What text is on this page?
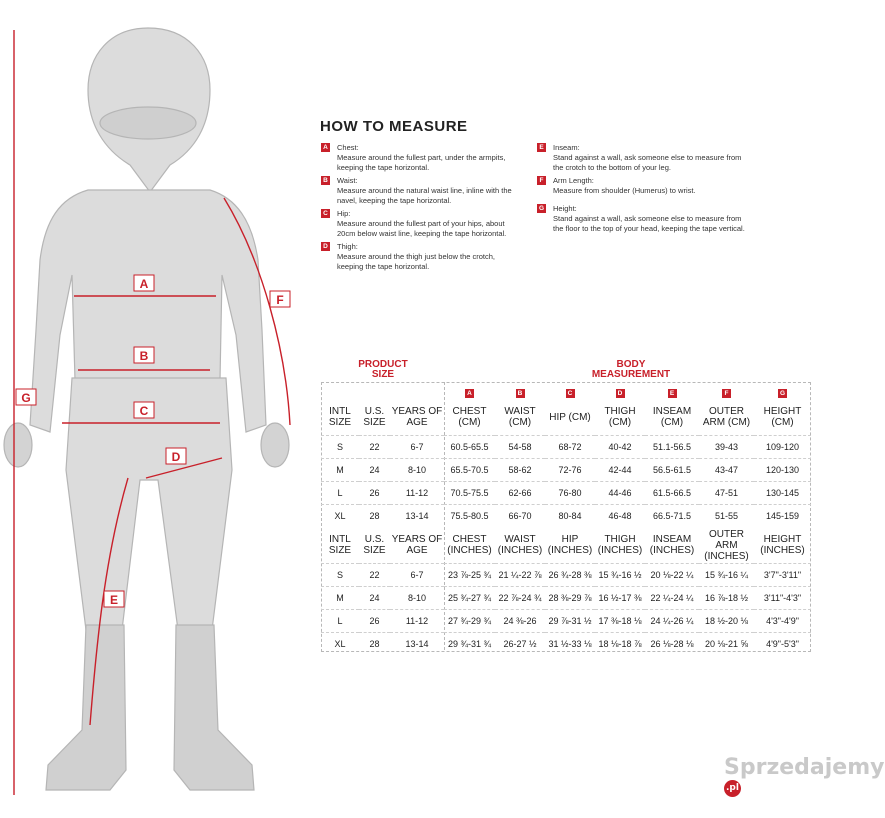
A
B
C
D
E
F
G
HOW TO MEASURE
A Chest:
Measure around the fullest part, under the armpits, keeping the tape horizontal.
B Waist:
Measure around the natural waist line, inline with the navel, keeping the tape horizontal.
C Hip:
Measure around the fullest part of your hips, about 20cm below waist line, keeping the tape horizontal.
D Thigh:
Measure around the thigh just below the crotch, keeping the tape horizontal.
E	Inseam:
Stand against a wall, ask someone else to measure from the crotch to the bottom of your leg.
F	Arm Length:
Measure from shoulder (Humerus) to wrist.
G Height:
Stand against a wall, ask someone else to measure from the floor to the top of your head, keeping the tape vertical.
PRODUCT SIZE
BODY MEASUREMENT
			A	B	C	D	E	F	G
INTL SIZE	U.S. SIZE	YEARS OF AGE	CHEST (CM)	WAIST (CM)	HIP (CM)	THIGH (CM)	INSEAM (CM)	OUTER ARM (CM)	HEIGHT (CM)
S	22	6-7	60.5-65.5	54-58	68-72	40-42	51.1-56.5	39-43	109-120
M	24	8-10	65.5-70.5	58-62	72-76	42-44	56.5-61.5	43-47	120-130
L	26	11-12	70.5-75.5	62-66	76-80	44-46	61.5-66.5	47-51	130-145
XL	28	13-14	75.5-80.5	66-70	80-84	46-48	66.5-71.5	51-55	145-159
INTL SIZE	U.S. SIZE	YEARS OF AGE	CHEST (INCHES)	WAIST (INCHES)	HIP (INCHES)	THIGH (INCHES)	INSEAM (INCHES)	OUTER ARM (INCHES)	HEIGHT (INCHES)
S	22	6-7	23 ⅞-25 ¾	21 ¼-22 ⅞	26 ¾-28 ⅜	15 ¾-16 ½	20 ⅛-22 ¼	15 ¾-16 ¼	3'7"-3'11"
M	24	8-10	25 ¾-27 ¾	22 ⅞-24 ¾	28 ⅜-29 ⅞	16 ½-17 ⅜	22 ¼-24 ¼	16 ⅞-18 ½	3'11"-4'3"
L	26	11-12	27 ¾-29 ¾	24 ⅜-26	29 ⅞-31 ½	17 ⅜-18 ⅛	24 ¼-26 ¼	18 ½-20 ⅛	4'3"-4'9"
XL	28	13-14	29 ¾-31 ¾	26-27 ½	31 ½-33 ⅛	18 ⅛-18 ⅞	26 ⅛-28 ⅛	20 ⅛-21 ⅝	4'9"-5'3"
Sprzedajemy.pl
